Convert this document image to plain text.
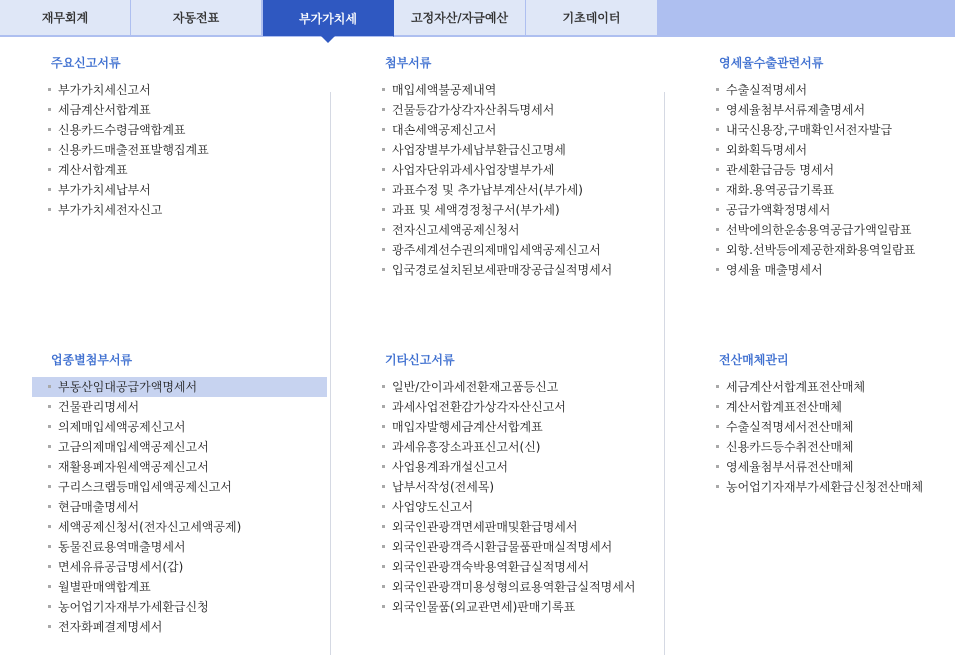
재무회계	자동전표	부가가치세	고정자산/자금예산	기초데이터
주요신고서류
부가가치세신고서
세금계산서합계표
신용카드수령금액합계표
신용카드매출전표발행집계표
계산서합계표
부가가치세납부서
부가가치세전자신고
첨부서류
매입세액불공제내역
건물등감가상각자산취득명세서
대손세액공제신고서
사업장별부가세납부환급신고명세
사업자단위과세사업장별부가세
과표수정 및 추가납부계산서(부가세)
과표 및 세액경정청구서(부가세)
전자신고세액공제신청서
광주세계선수권의제매입세액공제신고서
입국경로설치된보세판매장공급실적명세서
영세율수출관련서류
수출실적명세서
영세율첨부서류제출명세서
내국신용장,구매확인서전자발급
외화획득명세서
관세환급금등 명세서
재화.용역공급기록표
공급가액확정명세서
선박에의한운송용역공급가액일람표
외항.선박등에제공한재화용역일람표
영세율 매출명세서
업종별첨부서류
부동산임대공급가액명세서
건물관리명세서
의제매입세액공제신고서
고금의제매입세액공제신고서
재활용폐자원세액공제신고서
구리스크랩등매입세액공제신고서
현금매출명세서
세액공제신청서(전자신고세액공제)
동물진료용역매출명세서
면세유류공급명세서(갑)
월별판매액합계표
농어업기자재부가세환급신청
전자화폐결제명세서
기타신고서류
일반/간이과세전환재고품등신고
과세사업전환감가상각자산신고서
매입자발행세금계산서합계표
과세유흥장소과표신고서(신)
사업용계좌개설신고서
납부서작성(전세목)
사업양도신고서
외국인관광객면세판매및환급명세서
외국인관광객즉시환급물품판매실적명세서
외국인관광객숙박용역환급실적명세서
외국인관광객미용성형의료용역환급실적명세서
외국인물품(외교관면세)판매기록표
전산매체관리
세금계산서합계표전산매체
계산서합계표전산매체
수출실적명세서전산매체
신용카드등수취전산매체
영세율첨부서류전산매체
농어업기자재부가세환급신청전산매체
